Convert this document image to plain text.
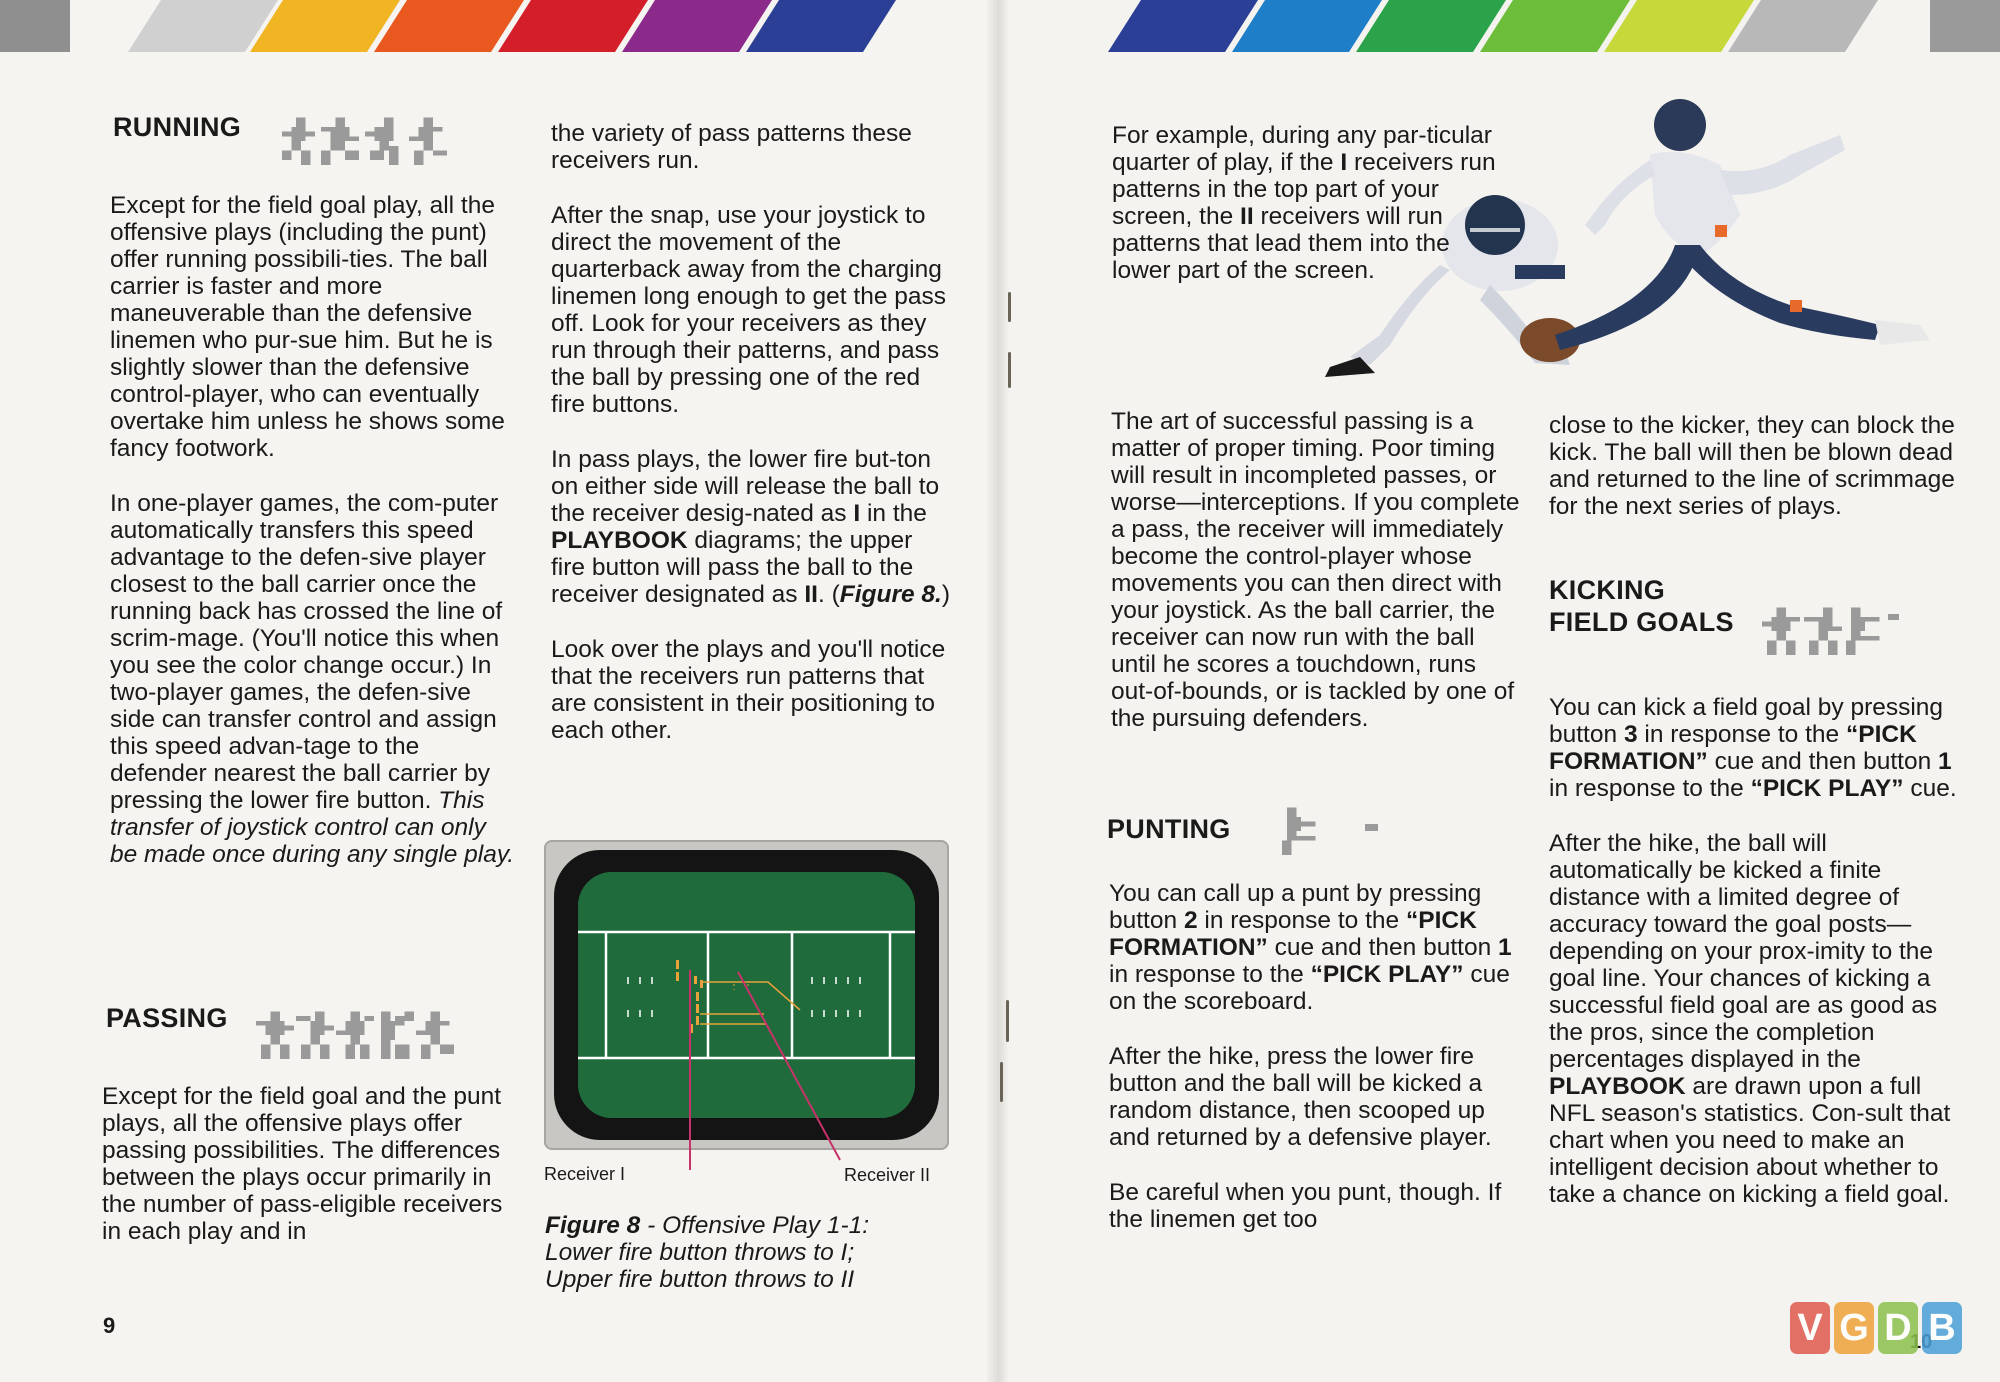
RUNNING

Except for the field goal play, all the offensive plays (including the punt) offer running possibili-ties. The ball carrier is faster and more maneuverable than the defensive linemen who pur-sue him. But he is slightly slower than the defensive control-player, who can eventually overtake him unless he shows some fancy footwork.

In one-player games, the com-puter automatically transfers this speed advantage to the defen-sive player closest to the ball carrier once the running back has crossed the line of scrim-mage. (You'll notice this when you see the color change occur.) In two-player games, the defen-sive side can transfer control and assign this speed advan-tage to the defender nearest the ball carrier by pressing the lower fire button. This transfer of joystick control can only be made once during any single play.

PASSING

Except for the field goal and the punt plays, all the offensive plays offer passing possibilities. The differences between the plays occur primarily in the number of pass-eligible receivers in each play and in

9

the variety of pass patterns these receivers run.

After the snap, use your joystick to direct the movement of the quarterback away from the charging linemen long enough to get the pass off. Look for your receivers as they run through their patterns, and pass the ball by pressing one of the red fire buttons.

In pass plays, the lower fire but-ton on either side will release the ball to the receiver desig-nated as I in the PLAYBOOK diagrams; the upper fire button will pass the ball to the receiver designated as II. (Figure 8.)

Look over the plays and you'll notice that the receivers run patterns that are consistent in their positioning to each other.

Receiver I	Receiver II
Figure 8 - Offensive Play 1-1:
Lower fire button throws to I;
Upper fire button throws to II

For example, during any par-ticular quarter of play, if the I receivers run patterns in the top part of your screen, the II receivers will run patterns that lead them into the lower part of the screen.

The art of successful passing is a matter of proper timing. Poor timing will result in incompleted passes, or worse—interceptions. If you complete a pass, the receiver will immediately become the control-player whose movements you can then direct with your joystick. As the ball carrier, the receiver can now run with the ball until he scores a touchdown, runs out-of-bounds, or is tackled by one of the pursuing defenders.

PUNTING

You can call up a punt by pressing button 2 in response to the “PICK FORMATION” cue and then button 1 in response to the “PICK PLAY” cue on the scoreboard.

After the hike, press the lower fire button and the ball will be kicked a random distance, then scooped up and returned by a defensive player.

Be careful when you punt, though. If the linemen get too

close to the kicker, they can block the kick. The ball will then be blown dead and returned to the line of scrimmage for the next series of plays.

KICKING
FIELD GOALS

You can kick a field goal by pressing button 3 in response to the “PICK FORMATION” cue and then button 1 in response to the “PICK PLAY” cue.

After the hike, the ball will automatically be kicked a finite distance with a limited degree of accuracy toward the goal posts—depending on your prox-imity to the goal line. Your chances of kicking a successful field goal are as good as the pros, since the completion percentages displayed in the PLAYBOOK are drawn upon a full NFL season's statistics. Con-sult that chart when you need to make an intelligent decision about whether to take a chance on kicking a field goal.

V G D B
